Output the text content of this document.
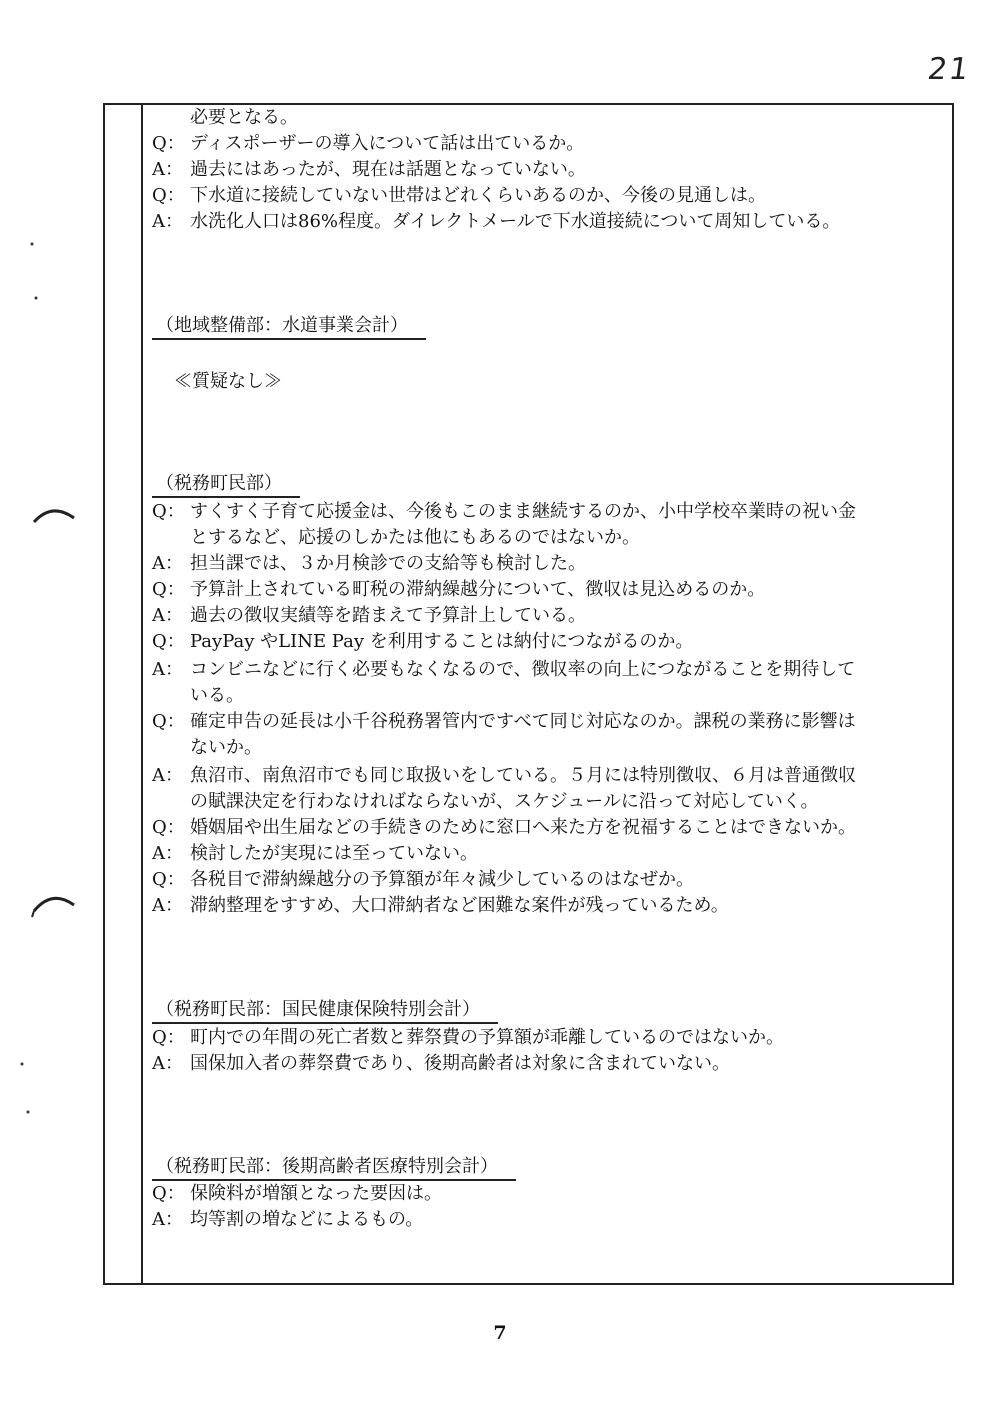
21
必要となる。
Q： ディスポーザーの導入について話は出ているか。
A： 過去にはあったが、現在は話題となっていない。
Q： 下水道に接続していない世帯はどれくらいあるのか、今後の見通しは。
A： 水洗化人口は86%程度。ダイレクトメールで下水道接続について周知している。
（地域整備部：水道事業会計）
≪質疑なし≫
（税務町民部）
Q： すくすく子育て応援金は、今後もこのまま継続するのか、小中学校卒業時の祝い金
とするなど、応援のしかたは他にもあるのではないか。
A： 担当課では、３か月検診での支給等も検討した。
Q： 予算計上されている町税の滞納繰越分について、徴収は見込めるのか。
A： 過去の徴収実績等を踏まえて予算計上している。
Q： PayPay やLINE Pay を利用することは納付につながるのか。
A： コンビニなどに行く必要もなくなるので、徴収率の向上につながることを期待して
いる。
Q： 確定申告の延長は小千谷税務署管内ですべて同じ対応なのか。課税の業務に影響は
ないか。
A： 魚沼市、南魚沼市でも同じ取扱いをしている。５月には特別徴収、６月は普通徴収
の賦課決定を行わなければならないが、スケジュールに沿って対応していく。
Q： 婚姻届や出生届などの手続きのために窓口へ来た方を祝福することはできないか。
A： 検討したが実現には至っていない。
Q： 各税目で滞納繰越分の予算額が年々減少しているのはなぜか。
A： 滞納整理をすすめ、大口滞納者など困難な案件が残っているため。
（税務町民部：国民健康保険特別会計）
Q： 町内での年間の死亡者数と葬祭費の予算額が乖離しているのではないか。
A： 国保加入者の葬祭費であり、後期高齢者は対象に含まれていない。
（税務町民部：後期高齢者医療特別会計）
Q： 保険料が増額となった要因は。
A： 均等割の増などによるもの。
7
